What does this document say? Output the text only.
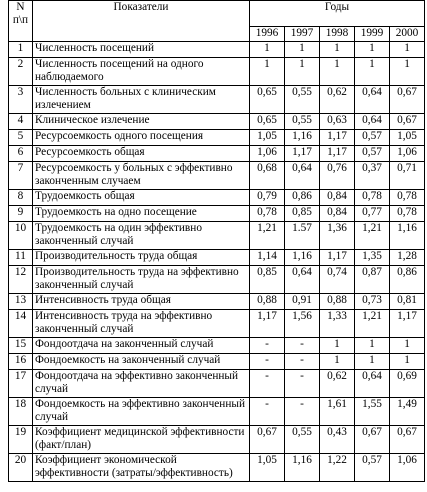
N п\п	Показатели	Годы				
		1996	1997	1998	1999	2000
1	Численность посещений	1	1	1	1	1
2	Численность посещений на одного наблюдаемого	1	1	1	1	1
3	Численность больных с клиническим излечением	0,65	0,55	0,62	0,64	0,67
4	Клиническое излечение	0,65	0,55	0,63	0,64	0,67
5	Ресурсоемкость одного посещения	1,05	1,16	1,17	0,57	1,05
6	Ресурсоемкость общая	1,06	1,17	1,17	0,57	1,06
7	Ресурсоемкость у больных с эффективно законченным случаем	0,68	0,64	0,76	0,37	0,71
8	Трудоемкость общая	0,79	0,86	0,84	0,78	0,78
9	Трудоемкость на одно посещение	0,78	0,85	0,84	0,77	0,78
10	Трудоемкость на один эффективно законченный случай	1,21	1.57	1,36	1,21	1,16
11	Производительность труда общая	1,14	1,16	1,17	1,35	1,28
12	Производительность труда на эффективно законченный случай	0,85	0,64	0,74	0,87	0,86
13	Интенсивность труда общая	0,88	0,91	0,88	0,73	0,81
14	Интенсивность труда на эффективно законченный случай	1,17	1,56	1,33	1,21	1,17
15	Фондоотдача на законченный случай	-	-	1	1	1
16	Фондоемкость на законченный случай	-	-	1	1	1
17	Фондоотдача на эффективно законченный случай	-	-	0,62	0,64	0,69
18	Фондоемкость на эффективно законченный случай	-	-	1,61	1,55	1,49
19	Коэффициент медицинской эффективности (факт/план)	0,67	0,55	0,43	0,67	0,67
20	Коэффициент экономической эффективности (затраты/эффективность)	1,05	1,16	1,22	0,57	1,06
